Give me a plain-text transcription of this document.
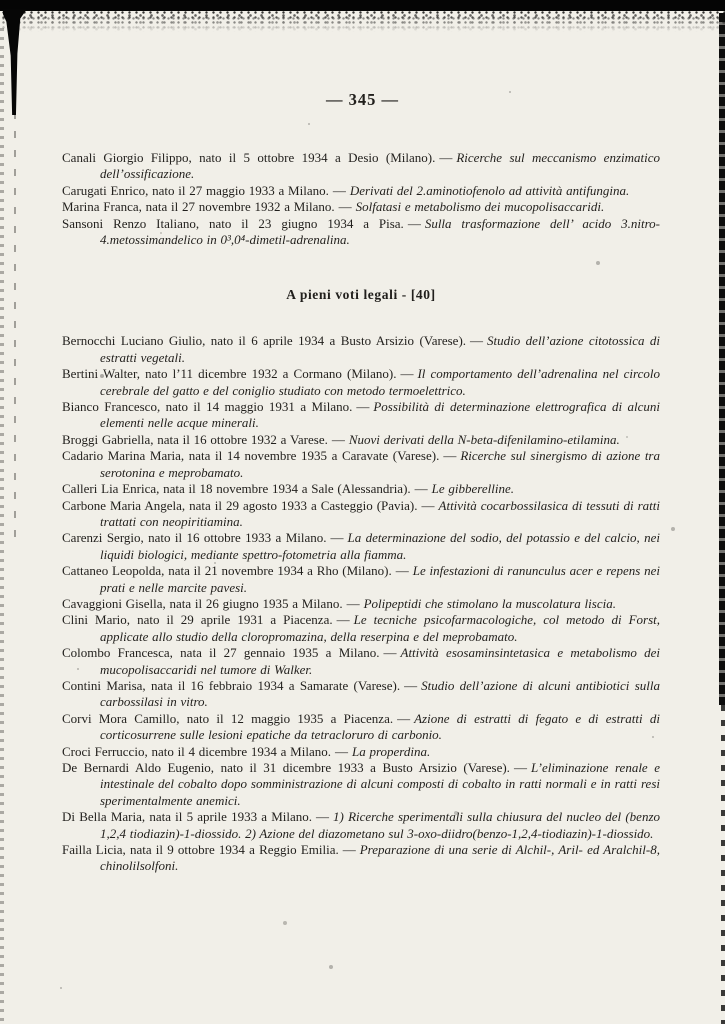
— 345 —

Canali Giorgio Filippo, nato il 5 ottobre 1934 a Desio (Milano). — Ricerche sul meccanismo enzimatico dell’ossificazione.

Carugati Enrico, nato il 27 maggio 1933 a Milano. — Derivati del 2.aminotiofenolo ad attività antifungina.

Marina Franca, nata il 27 novembre 1932 a Milano. — Solfatasi e metabolismo dei mucopolisaccaridi.

Sansoni Renzo Italiano, nato il 23 giugno 1934 a Pisa. — Sulla trasformazione dell’ acido 3.nitro-4.metossimandelico in 0³,0⁴-dimetil-adrenalina.

A pieni voti legali - [40]

Bernocchi Luciano Giulio, nato il 6 aprile 1934 a Busto Arsizio (Varese). — Studio dell’azione citotossica di estratti vegetali.

Bertini Walter, nato l’11 dicembre 1932 a Cormano (Milano). — Il comportamento dell’adrenalina nel circolo cerebrale del gatto e del coniglio studiato con metodo termoelettrico.

Bianco Francesco, nato il 14 maggio 1931 a Milano. — Possibilità di determinazione elettrografica di alcuni elementi nelle acque minerali.

Broggi Gabriella, nata il 16 ottobre 1932 a Varese. — Nuovi derivati della N-beta-difenilamino-etilamina.

Cadario Marina Maria, nata il 14 novembre 1935 a Caravate (Varese). — Ricerche sul sinergismo di azione tra serotonina e meprobamato.

Calleri Lia Enrica, nata il 18 novembre 1934 a Sale (Alessandria). — Le gibberelline.

Carbone Maria Angela, nata il 29 agosto 1933 a Casteggio (Pavia). — Attività cocarbossilasica di tessuti di ratti trattati con neopiritiamina.

Carenzi Sergio, nato il 16 ottobre 1933 a Milano. — La determinazione del sodio, del potassio e del calcio, nei liquidi biologici, mediante spettro-fotometria alla fiamma.

Cattaneo Leopolda, nata il 21 novembre 1934 a Rho (Milano). — Le infestazioni di ranunculus acer e repens nei prati e nelle marcite pavesi.

Cavaggioni Gisella, nata il 26 giugno 1935 a Milano. — Polipeptidi che stimolano la muscolatura liscia.

Clini Mario, nato il 29 aprile 1931 a Piacenza. — Le tecniche psicofarmacologiche, col metodo di Forst, applicate allo studio della cloropromazina, della reserpina e del meprobamato.

Colombo Francesca, nata il 27 gennaio 1935 a Milano. — Attività esosaminsintetasica e metabolismo dei mucopolisaccaridi nel tumore di Walker.

Contini Marisa, nata il 16 febbraio 1934 a Samarate (Varese). — Studio dell’azione di alcuni antibiotici sulla carbossilasi in vitro.

Corvi Mora Camillo, nato il 12 maggio 1935 a Piacenza. — Azione di estratti di fegato e di estratti di corticosurrene sulle lesioni epatiche da tetracloruro di carbonio.

Croci Ferruccio, nato il 4 dicembre 1934 a Milano. — La properdina.

De Bernardi Aldo Eugenio, nato il 31 dicembre 1933 a Busto Arsizio (Varese). — L’eliminazione renale e intestinale del cobalto dopo somministrazione di alcuni composti di cobalto in ratti normali e in ratti resi sperimentalmente anemici.

Di Bella Maria, nata il 5 aprile 1933 a Milano. — 1) Ricerche sperimentali sulla chiusura del nucleo del (benzo 1,2,4 tiodiazin)-1-diossido. 2) Azione del diazometano sul 3-oxo-diidro(benzo-1,2,4-tiodiazin)-1-diossido.

Failla Licia, nata il 9 ottobre 1934 a Reggio Emilia. — Preparazione di una serie di Alchil-, Aril- ed Aralchil-8, chinolilsolfoni.
